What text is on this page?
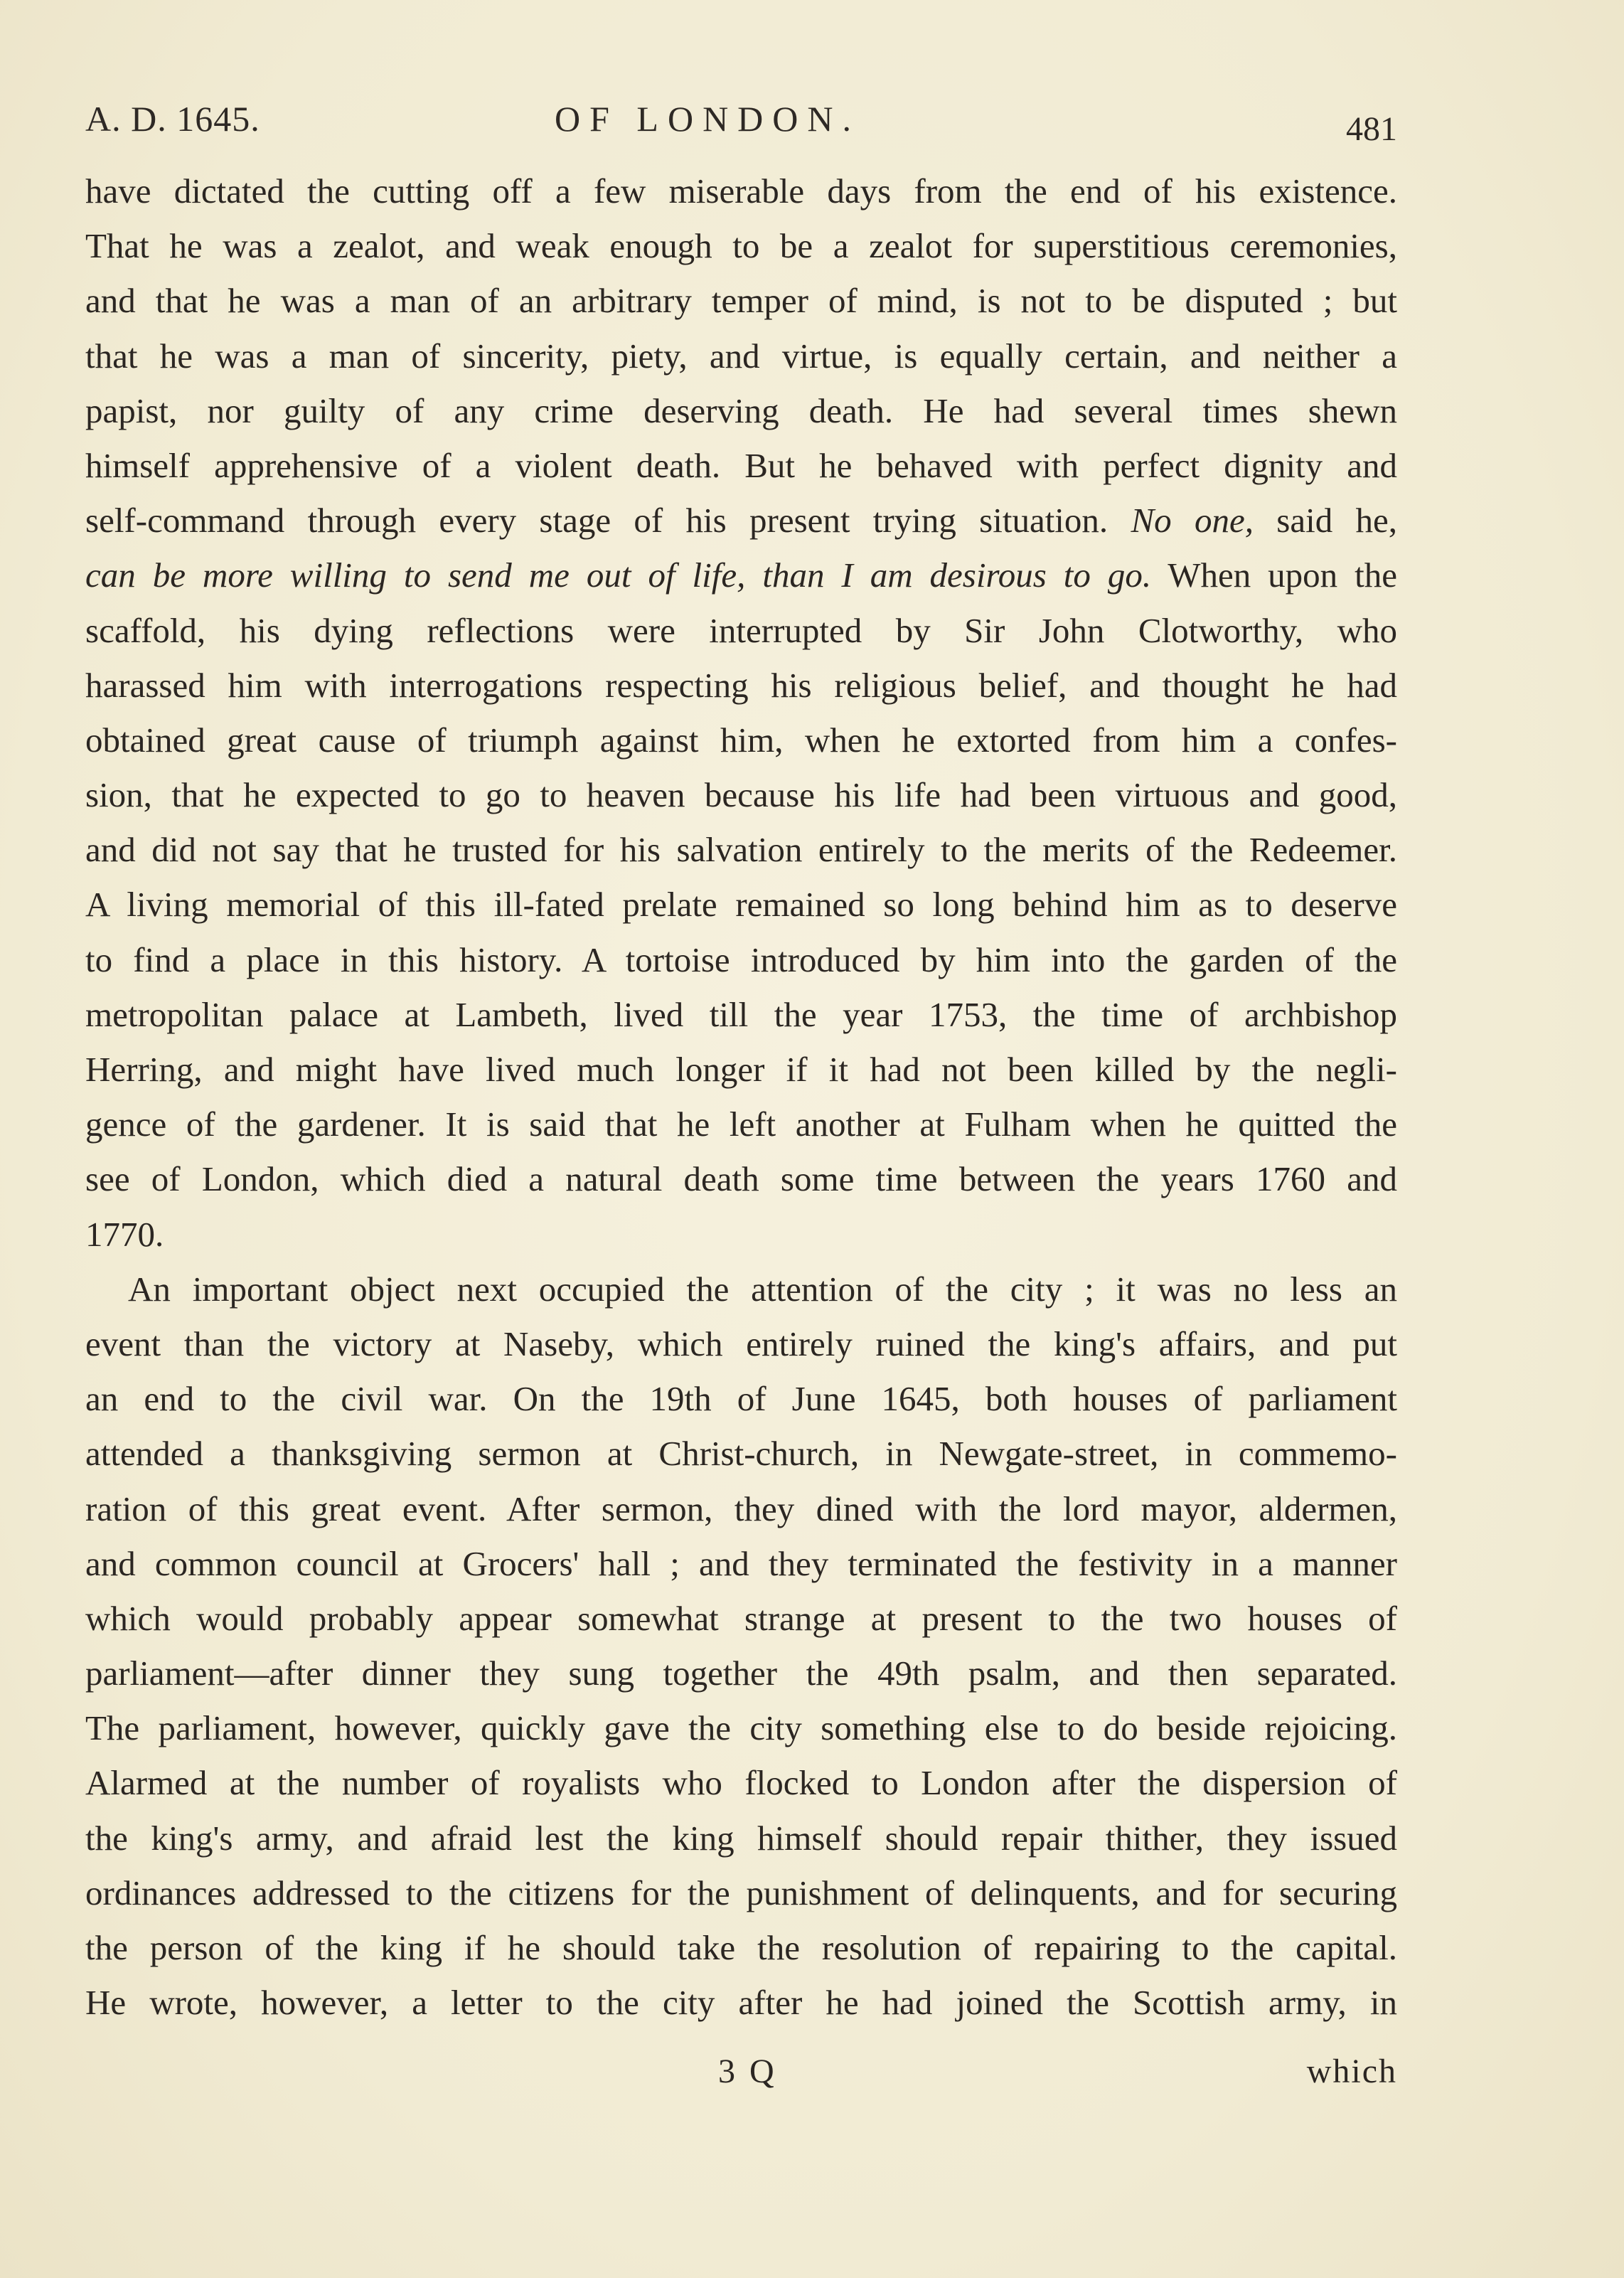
A. D. 1645.	OF LONDON.	481
have dictated the cutting off a few miserable days from the end of his existence.
That he was a zealot, and weak enough to be a zealot for superstitious ceremonies,
and that he was a man of an arbitrary temper of mind, is not to be disputed ; but
that he was a man of sincerity, piety, and virtue, is equally certain, and neither a
papist, nor guilty of any crime deserving death. He had several times shewn
himself apprehensive of a violent death. But he behaved with perfect dignity and
self-command through every stage of his present trying situation. No one, said he,
can be more willing to send me out of life, than I am desirous to go. When upon the
scaffold, his dying reflections were interrupted by Sir John Clotworthy, who
harassed him with interrogations respecting his religious belief, and thought he had
obtained great cause of triumph against him, when he extorted from him a confes-
sion, that he expected to go to heaven because his life had been virtuous and good,
and did not say that he trusted for his salvation entirely to the merits of the Redeemer.
A living memorial of this ill-fated prelate remained so long behind him as to deserve
to find a place in this history. A tortoise introduced by him into the garden of the
metropolitan palace at Lambeth, lived till the year 1753, the time of archbishop
Herring, and might have lived much longer if it had not been killed by the negli-
gence of the gardener. It is said that he left another at Fulham when he quitted the
see of London, which died a natural death some time between the years 1760 and
1770.
An important object next occupied the attention of the city ; it was no less an
event than the victory at Naseby, which entirely ruined the king's affairs, and put
an end to the civil war. On the 19th of June 1645, both houses of parliament
attended a thanksgiving sermon at Christ-church, in Newgate-street, in commemo-
ration of this great event. After sermon, they dined with the lord mayor, aldermen,
and common council at Grocers' hall ; and they terminated the festivity in a manner
which would probably appear somewhat strange at present to the two houses of
parliament—after dinner they sung together the 49th psalm, and then separated.
The parliament, however, quickly gave the city something else to do beside rejoicing.
Alarmed at the number of royalists who flocked to London after the dispersion of
the king's army, and afraid lest the king himself should repair thither, they issued
ordinances addressed to the citizens for the punishment of delinquents, and for securing
the person of the king if he should take the resolution of repairing to the capital.
He wrote, however, a letter to the city after he had joined the Scottish army, in
3 Q	which
